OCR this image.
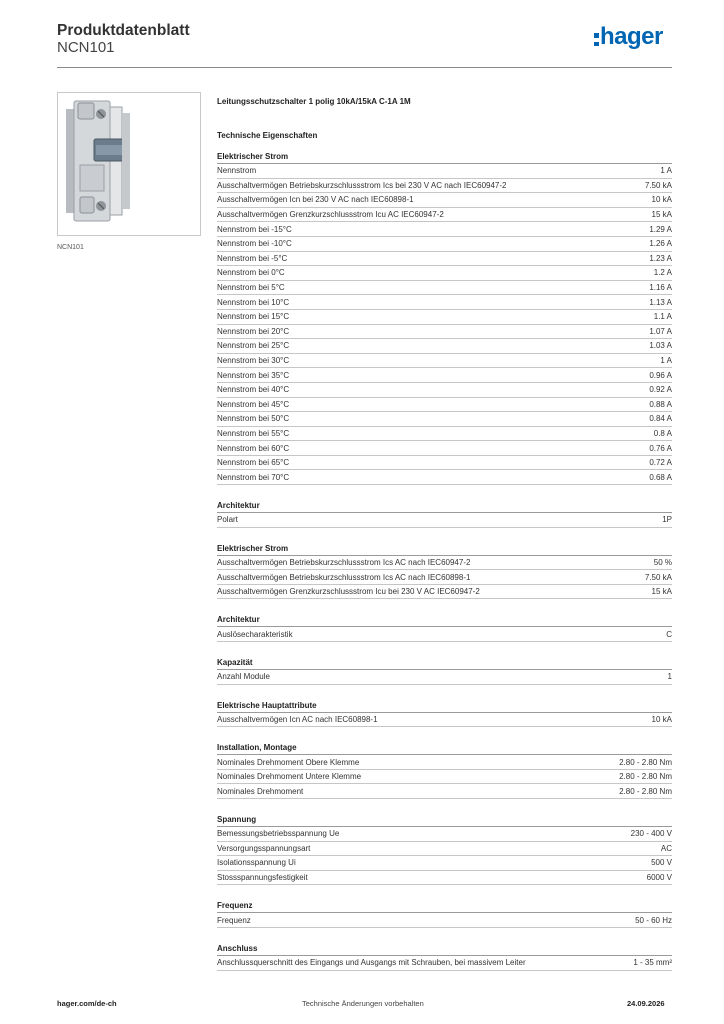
Produktdatenblatt
NCN101	hager
NCN101
Leitungsschutzschalter 1 polig 10kA/15kA C-1A 1M
Technische Eigenschaften
Elektrischer Strom
Nennstrom	1 A
Ausschaltvermögen Betriebskurzschlussstrom Ics bei 230 V AC nach IEC60947-2	7.50 kA
Ausschaltvermögen Icn bei 230 V AC nach IEC60898-1	10 kA
Ausschaltvermögen Grenzkurzschlussstrom Icu AC IEC60947-2	15 kA
Nennstrom bei -15°C	1.29 A
Nennstrom bei -10°C	1.26 A
Nennstrom bei -5°C	1.23 A
Nennstrom bei 0°C	1.2 A
Nennstrom bei 5°C	1.16 A
Nennstrom bei 10°C	1.13 A
Nennstrom bei 15°C	1.1 A
Nennstrom bei 20°C	1.07 A
Nennstrom bei 25°C	1.03 A
Nennstrom bei 30°C	1 A
Nennstrom bei 35°C	0.96 A
Nennstrom bei 40°C	0.92 A
Nennstrom bei 45°C	0.88 A
Nennstrom bei 50°C	0.84 A
Nennstrom bei 55°C	0.8 A
Nennstrom bei 60°C	0.76 A
Nennstrom bei 65°C	0.72 A
Nennstrom bei 70°C	0.68 A
Architektur
Polart	1P
Elektrischer Strom
Ausschaltvermögen Betriebskurzschlussstrom Ics AC nach IEC60947-2	50 %
Ausschaltvermögen Betriebskurzschlussstrom Ics AC nach IEC60898-1	7.50 kA
Ausschaltvermögen Grenzkurzschlussstrom Icu bei 230 V AC IEC60947-2	15 kA
Architektur
Auslösecharakteristik	C
Kapazität
Anzahl Module	1
Elektrische Hauptattribute
Ausschaltvermögen Icn AC nach IEC60898-1	10 kA
Installation, Montage
Nominales Drehmoment Obere Klemme	2.80 - 2.80 Nm
Nominales Drehmoment Untere Klemme	2.80 - 2.80 Nm
Nominales Drehmoment	2.80 - 2.80 Nm
Spannung
Bemessungsbetriebsspannung Ue	230 - 400 V
Versorgungsspannungsart	AC
Isolationsspannung Ui	500 V
Stossspannungsfestigkeit	6000 V
Frequenz
Frequenz	50 - 60 Hz
Anschluss
Anschlussquerschnitt des Eingangs und Ausgangs mit Schrauben, bei massivem Leiter	1 - 35 mm²
hager.com/de-ch	Technische Änderungen vorbehalten	24.09.2026
